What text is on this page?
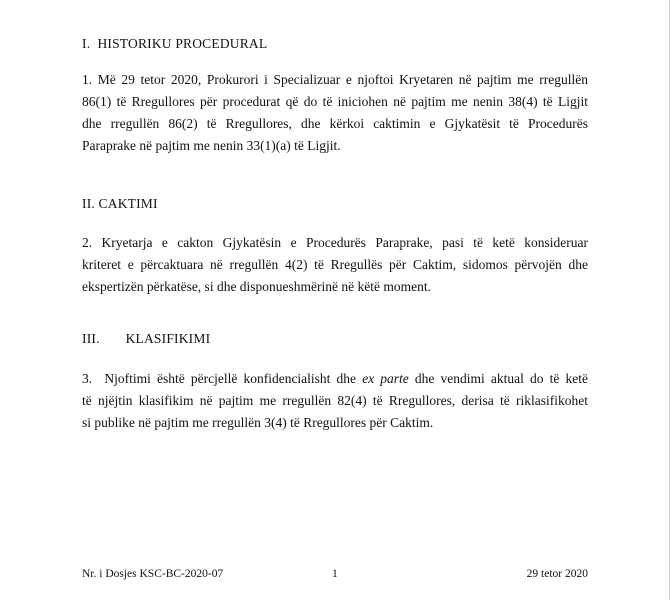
I. HISTORIKU PROCEDURAL
1. Më 29 tetor 2020, Prokurori i Specializuar e njoftoi Kryetaren në pajtim me rregullën
86(1) të Rregullores për procedurat që do të iniciohen në pajtim me nenin 38(4) të Ligjit
dhe rregullën 86(2) të Rregullores, dhe kërkoi caktimin e Gjykatësit të Procedurës
Paraprake në pajtim me nenin 33(1)(a) të Ligjit.
II. CAKTIMI
2. Kryetarja e cakton Gjykatësin e Procedurës Paraprake, pasi të ketë konsideruar
kriteret e përcaktuara në rregullën 4(2) të Rregullës për Caktim, sidomos përvojën dhe
ekspertizën përkatëse, si dhe disponueshmërinë në këtë moment.
III. KLASIFIKIMI
3.  Njoftimi është përcjellë konfidencialisht dhe ex parte dhe vendimi aktual do të ketë
të njëjtin klasifikim në pajtim me rregullën 82(4) të Rregullores, derisa të riklasifikohet
si publike në pajtim me rregullën 3(4) të Rregullores për Caktim.
Nr. i Dosjes KSC-BC-2020-07	1	29 tetor 2020
